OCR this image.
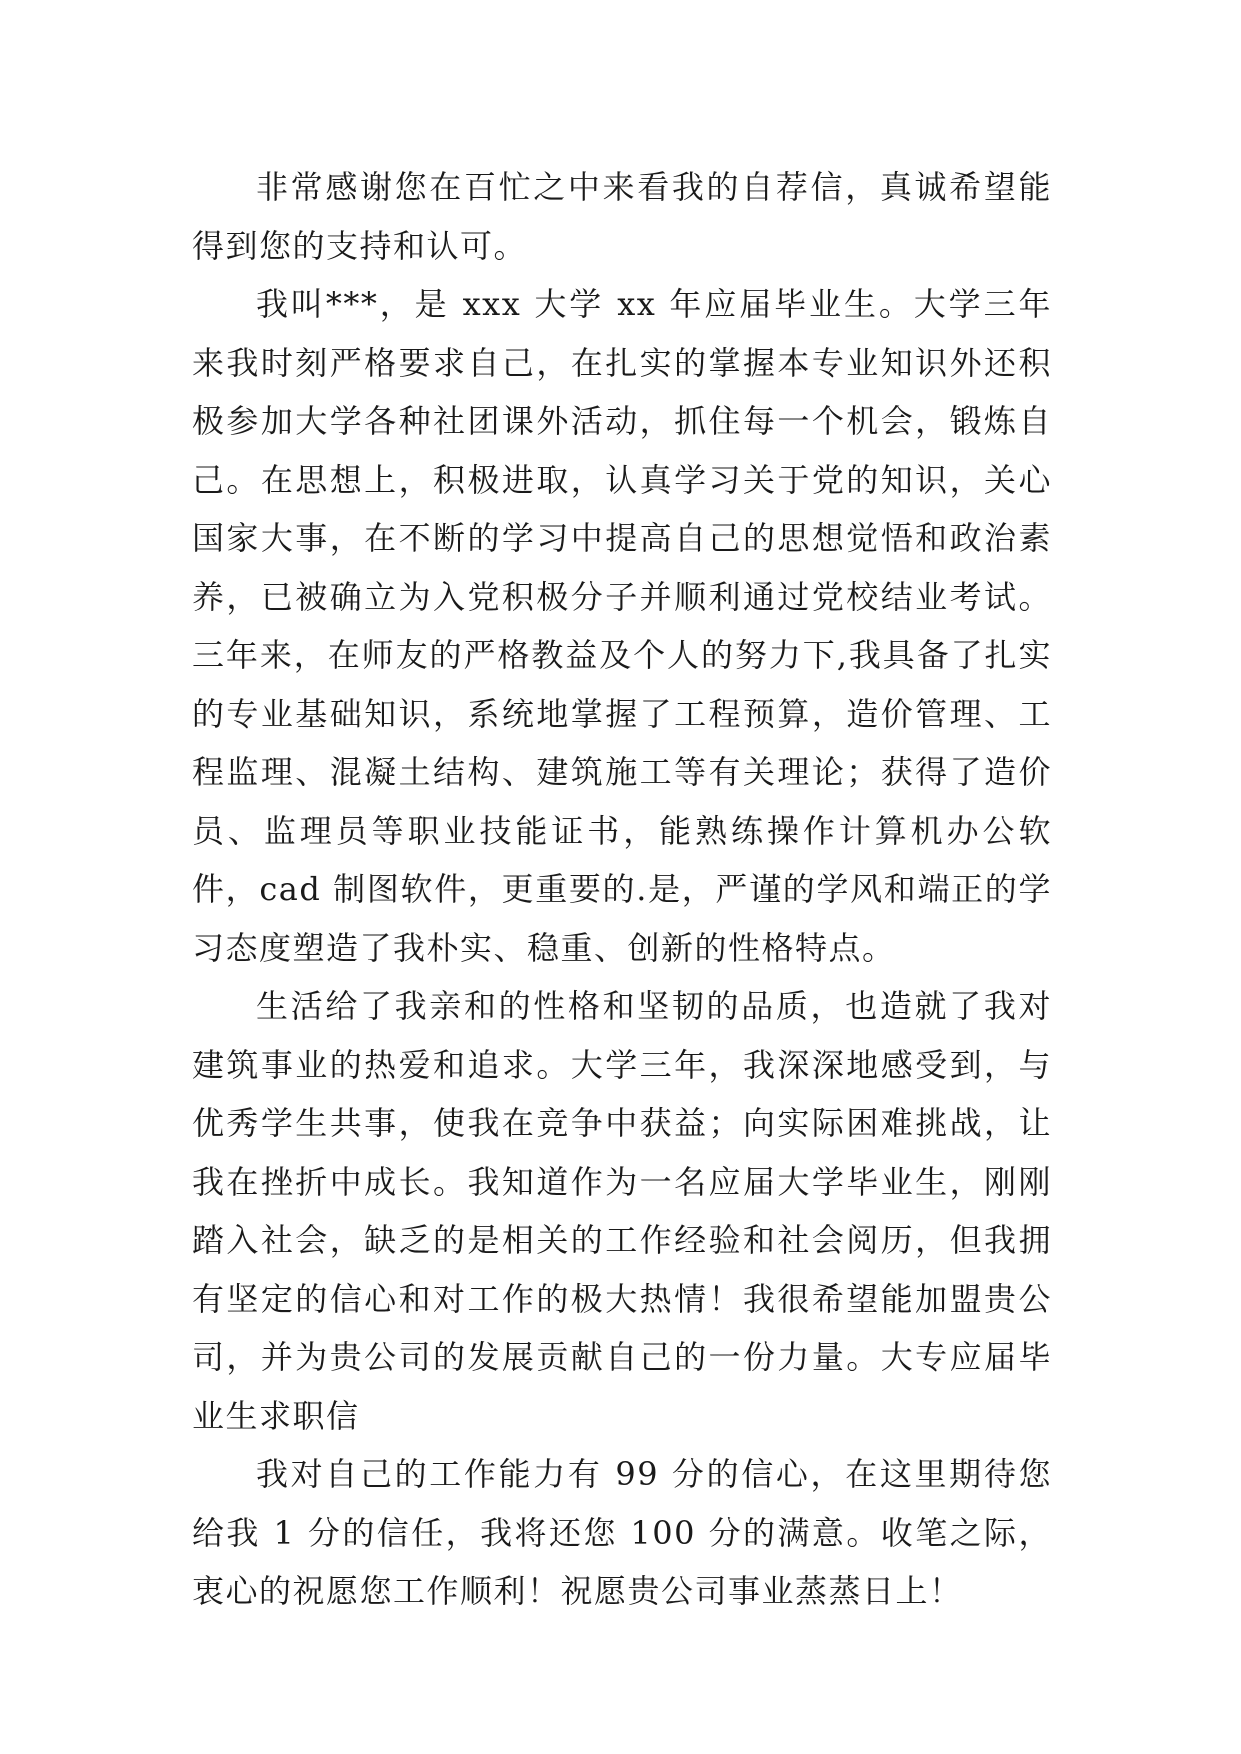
非常感谢您在百忙之中来看我的自荐信，真诚希望能得到您的支持和认可。

我叫***，是 xxx 大学 xx 年应届毕业生。大学三年来我时刻严格要求自己，在扎实的掌握本专业知识外还积极参加大学各种社团课外活动，抓住每一个机会，锻炼自己。在思想上，积极进取，认真学习关于党的知识，关心国家大事，在不断的学习中提高自己的思想觉悟和政治素养，已被确立为入党积极分子并顺利通过党校结业考试。三年来，在师友的严格教益及个人的努力下,我具备了扎实的专业基础知识，系统地掌握了工程预算，造价管理、工程监理、混凝土结构、建筑施工等有关理论；获得了造价员、监理员等职业技能证书，能熟练操作计算机办公软件，cad 制图软件，更重要的.是，严谨的学风和端正的学习态度塑造了我朴实、稳重、创新的性格特点。

生活给了我亲和的性格和坚韧的品质，也造就了我对建筑事业的热爱和追求。大学三年，我深深地感受到，与优秀学生共事，使我在竞争中获益；向实际困难挑战，让我在挫折中成长。我知道作为一名应届大学毕业生，刚刚踏入社会，缺乏的是相关的工作经验和社会阅历，但我拥有坚定的信心和对工作的极大热情！我很希望能加盟贵公司，并为贵公司的发展贡献自己的一份力量。大专应届毕业生求职信

我对自己的工作能力有 99 分的信心，在这里期待您给我 1 分的信任，我将还您 100 分的满意。收笔之际，衷心的祝愿您工作顺利！祝愿贵公司事业蒸蒸日上！
